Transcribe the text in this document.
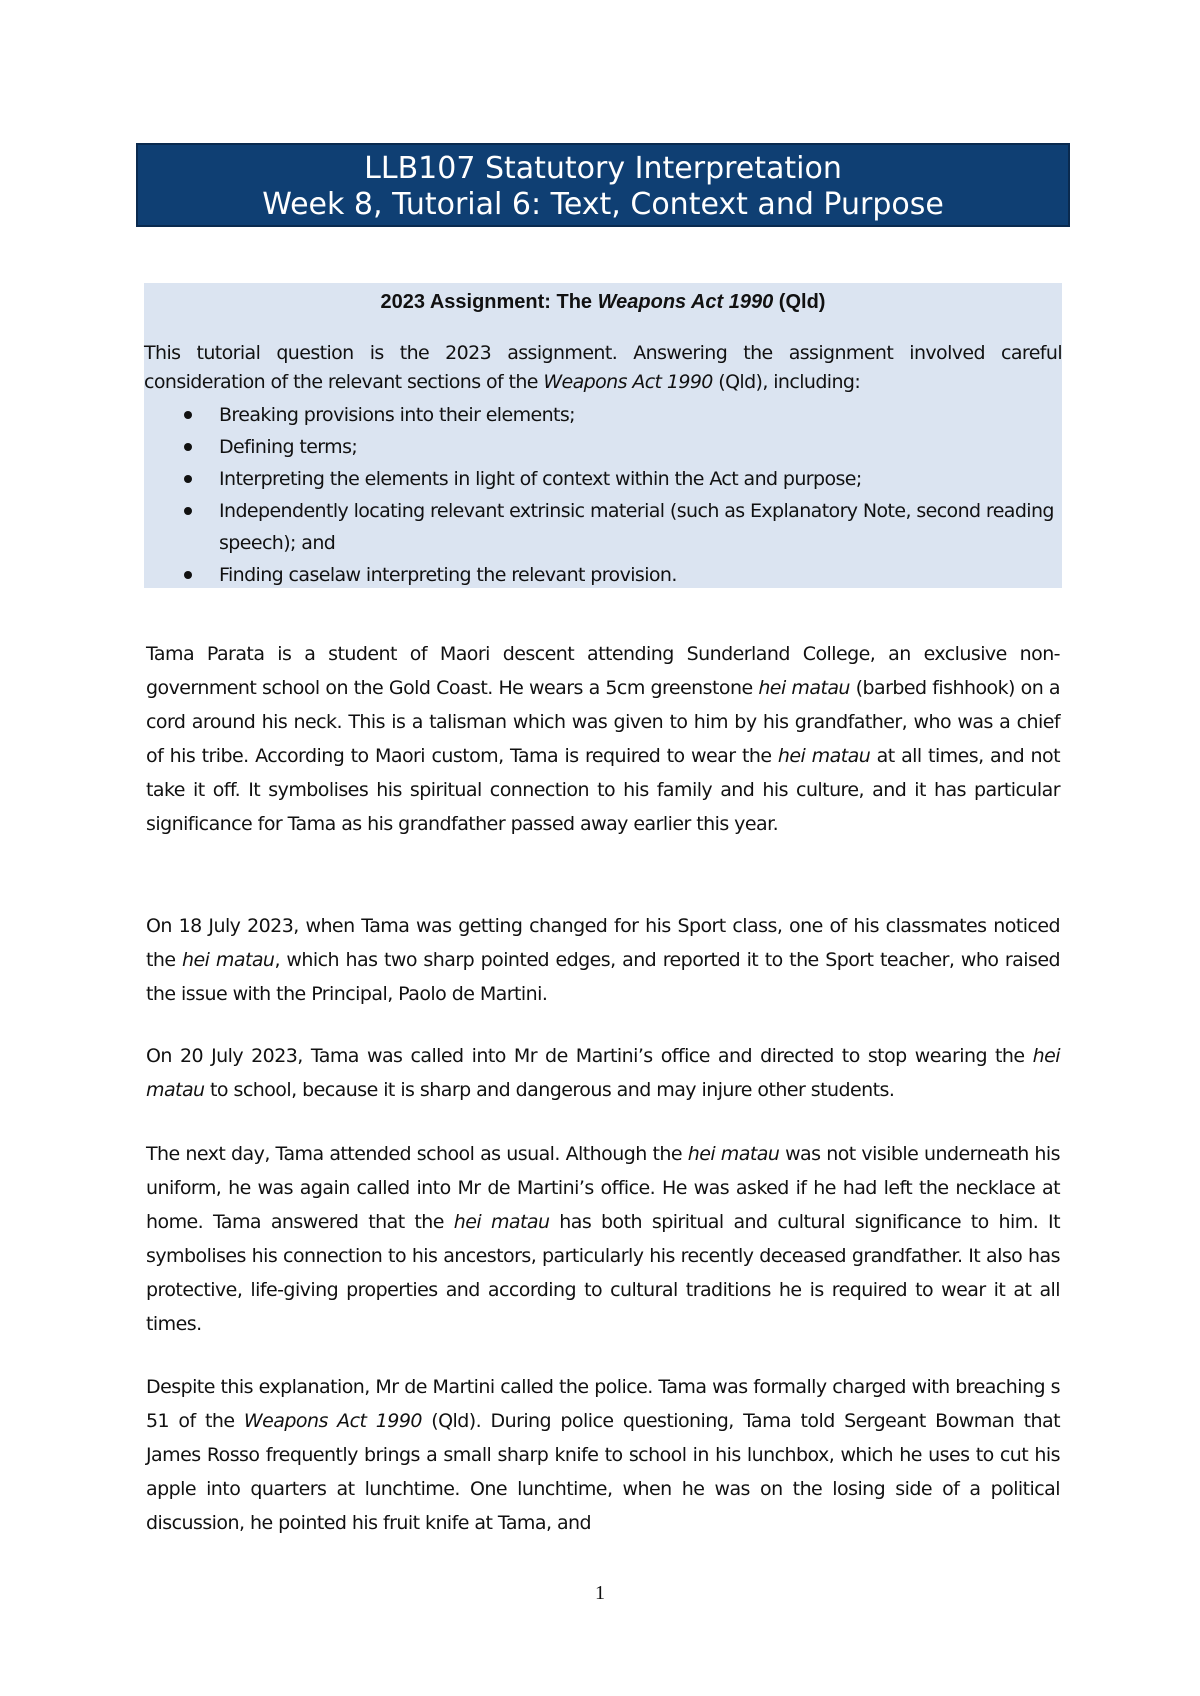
LLB107 Statutory Interpretation
Week 8, Tutorial 6: Text, Context and Purpose
2023 Assignment: The Weapons Act 1990 (Qld)
This tutorial question is the 2023 assignment. Answering the assignment involved careful consideration of the relevant sections of the Weapons Act 1990 (Qld), including:
Breaking provisions into their elements;
Defining terms;
Interpreting the elements in light of context within the Act and purpose;
Independently locating relevant extrinsic material (such as Explanatory Note, second reading speech); and
Finding caselaw interpreting the relevant provision.

Tama Parata is a student of Maori descent attending Sunderland College, an exclusive non-government school on the Gold Coast. He wears a 5cm greenstone hei matau (barbed fishhook) on a cord around his neck. This is a talisman which was given to him by his grandfather, who was a chief of his tribe. According to Maori custom, Tama is required to wear the hei matau at all times, and not take it off. It symbolises his spiritual connection to his family and his culture, and it has particular significance for Tama as his grandfather passed away earlier this year.

On 18 July 2023, when Tama was getting changed for his Sport class, one of his classmates noticed the hei matau, which has two sharp pointed edges, and reported it to the Sport teacher, who raised the issue with the Principal, Paolo de Martini.

On 20 July 2023, Tama was called into Mr de Martini’s office and directed to stop wearing the hei matau to school, because it is sharp and dangerous and may injure other students.

The next day, Tama attended school as usual. Although the hei matau was not visible underneath his uniform, he was again called into Mr de Martini’s office. He was asked if he had left the necklace at home. Tama answered that the hei matau has both spiritual and cultural significance to him. It symbolises his connection to his ancestors, particularly his recently deceased grandfather. It also has protective, life-giving properties and according to cultural traditions he is required to wear it at all times.

Despite this explanation, Mr de Martini called the police. Tama was formally charged with breaching s 51 of the Weapons Act 1990 (Qld). During police questioning, Tama told Sergeant Bowman that James Rosso frequently brings a small sharp knife to school in his lunchbox, which he uses to cut his apple into quarters at lunchtime. One lunchtime, when he was on the losing side of a political discussion, he pointed his fruit knife at Tama, and

1
